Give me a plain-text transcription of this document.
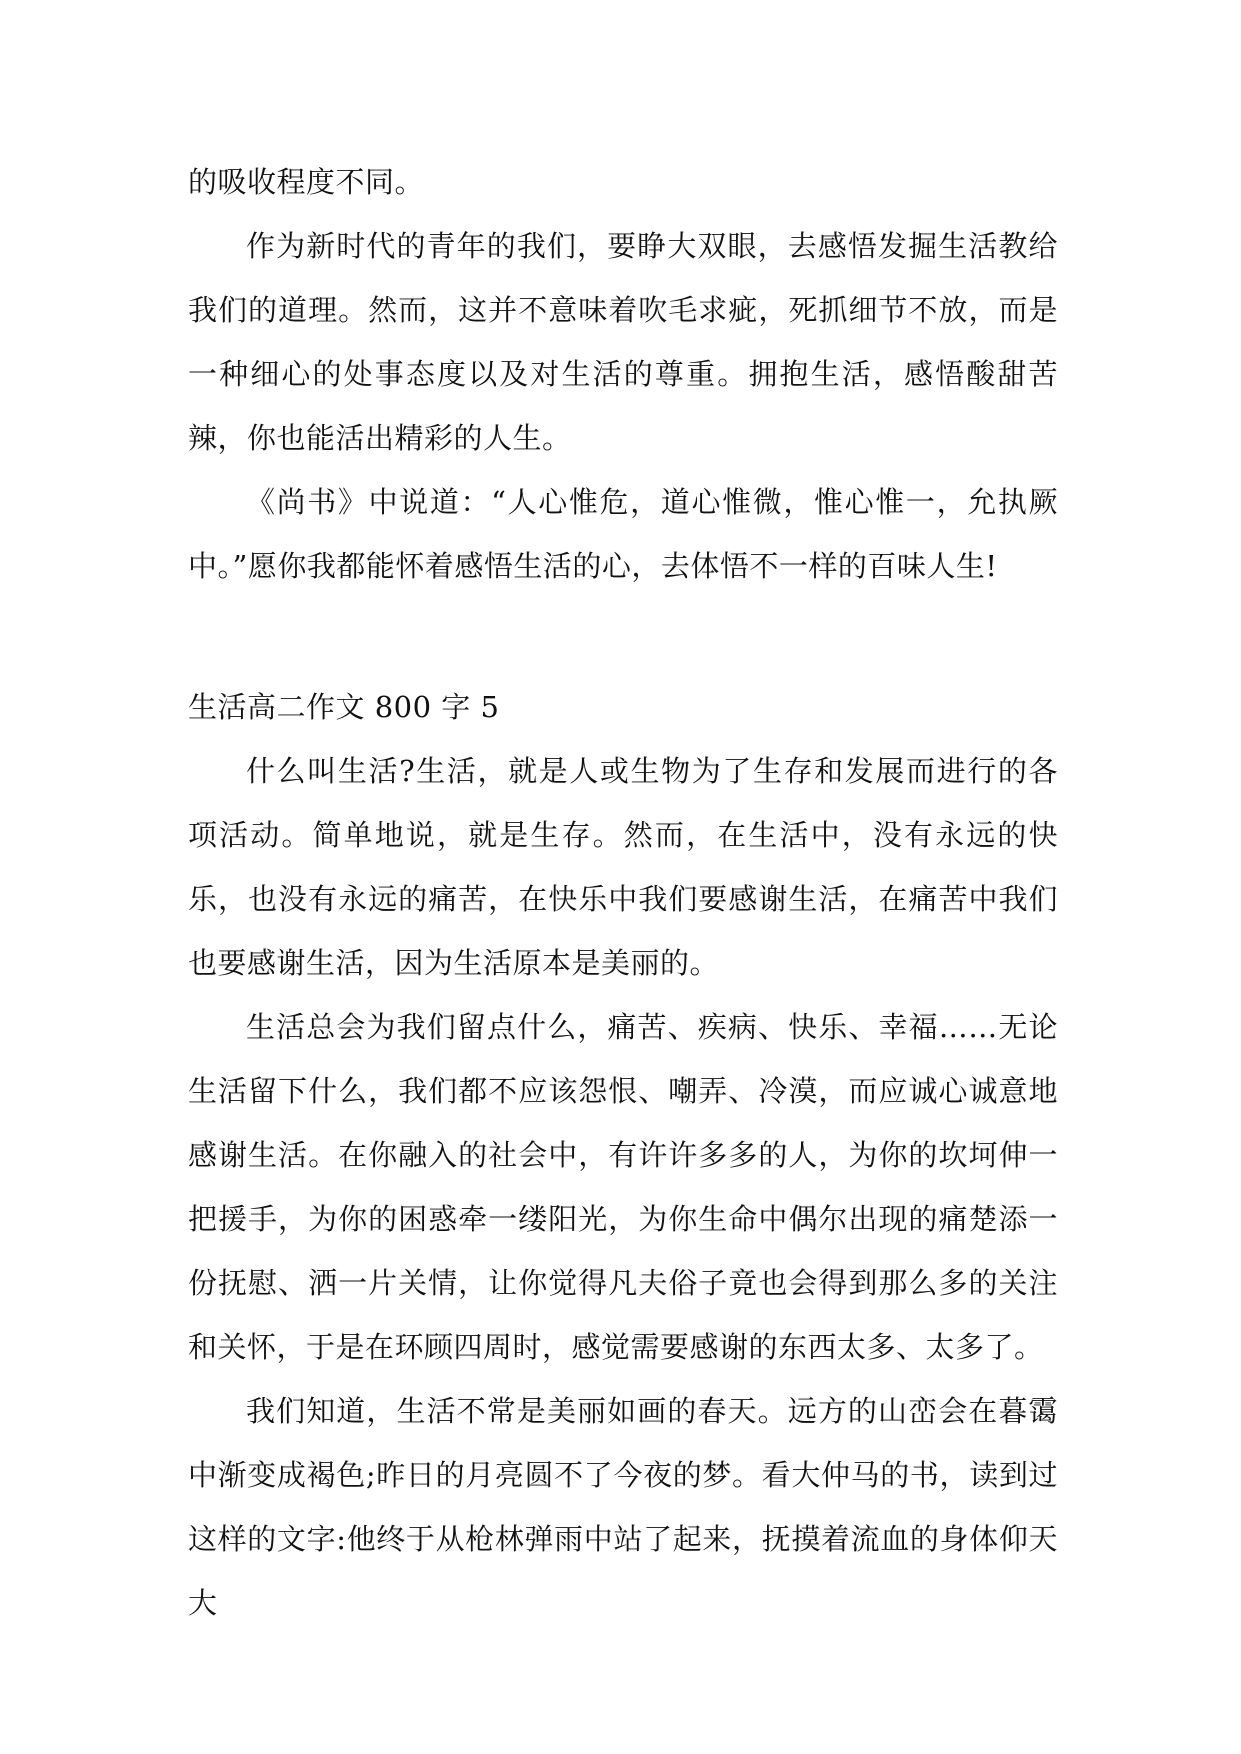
的吸收程度不同。

作为新时代的青年的我们，要睁大双眼，去感悟发掘生活教给我们的道理。然而，这并不意味着吹毛求疵，死抓细节不放，而是一种细心的处事态度以及对生活的尊重。拥抱生活，感悟酸甜苦辣，你也能活出精彩的人生。

《尚书》中说道：“人心惟危，道心惟微，惟心惟一，允执厥中。”愿你我都能怀着感悟生活的心，去体悟不一样的百味人生!

生活高二作文 800 字 5

什么叫生活?生活，就是人或生物为了生存和发展而进行的各项活动。简单地说，就是生存。然而，在生活中，没有永远的快乐，也没有永远的痛苦，在快乐中我们要感谢生活，在痛苦中我们也要感谢生活，因为生活原本是美丽的。

生活总会为我们留点什么，痛苦、疾病、快乐、幸福……无论生活留下什么，我们都不应该怨恨、嘲弄、冷漠，而应诚心诚意地感谢生活。在你融入的社会中，有许许多多的人，为你的坎坷伸一把援手，为你的困惑牵一缕阳光，为你生命中偶尔出现的痛楚添一份抚慰、洒一片关情，让你觉得凡夫俗子竟也会得到那么多的关注和关怀，于是在环顾四周时，感觉需要感谢的东西太多、太多了。

我们知道，生活不常是美丽如画的春天。远方的山峦会在暮霭中渐变成褐色;昨日的月亮圆不了今夜的梦。看大仲马的书，读到过这样的文字:他终于从枪林弹雨中站了起来，抚摸着流血的身体仰天大
